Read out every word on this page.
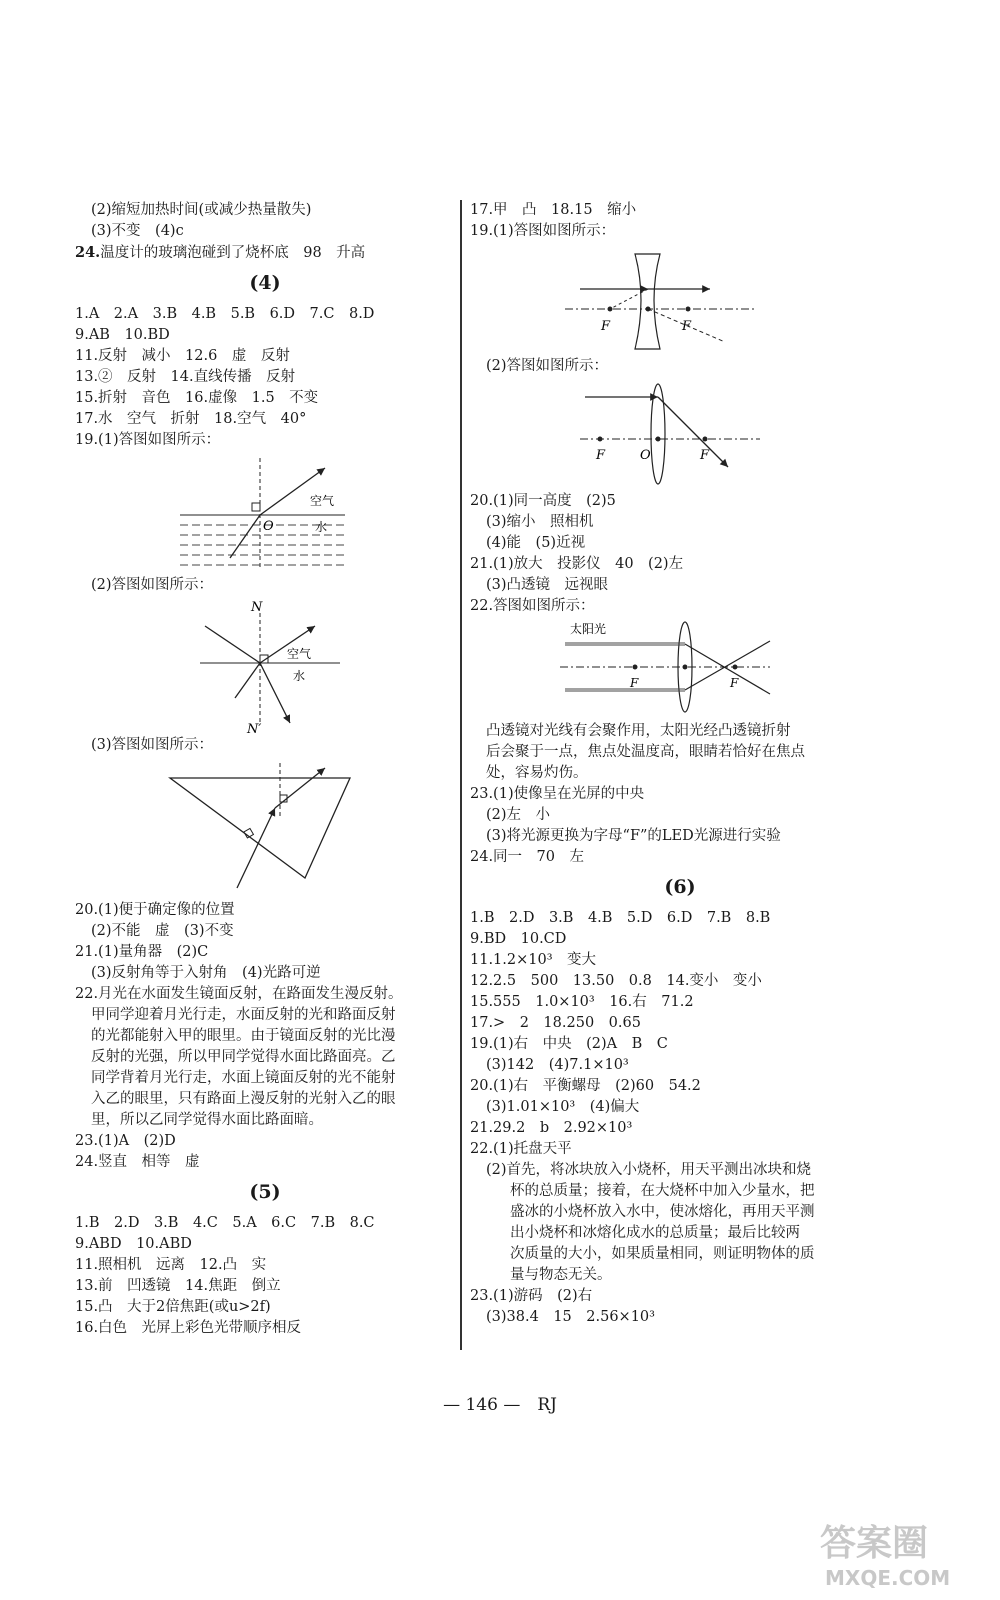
(2)缩短加热时间(或减少热量散失)
(3)不变　(4)c
24.温度计的玻璃泡碰到了烧杯底　98　升高
(4)
1.A　2.A　3.B　4.B　5.B　6.D　7.C　8.D
9.AB　10.BD
11.反射　减小　12.6　虚　反射
13.②　反射　14.直线传播　反射
15.折射　音色　16.虚像　1.5　不变
17.水　空气　折射　18.空气　40°
19.(1)答图如图所示：
O
空气
水
(2)答图如图所示：
N
N′
空气
水
(3)答图如图所示：
20.(1)便于确定像的位置
(2)不能　虚　(3)不变
21.(1)量角器　(2)C
(3)反射角等于入射角　(4)光路可逆
22.月光在水面发生镜面反射，在路面发生漫反射。
甲同学迎着月光行走，水面反射的光和路面反射
的光都能射入甲的眼里。由于镜面反射的光比漫
反射的光强，所以甲同学觉得水面比路面亮。乙
同学背着月光行走，水面上镜面反射的光不能射
入乙的眼里，只有路面上漫反射的光射入乙的眼
里，所以乙同学觉得水面比路面暗。
23.(1)A　(2)D
24.竖直　相等　虚
(5)
1.B　2.D　3.B　4.C　5.A　6.C　7.B　8.C
9.ABD　10.ABD
11.照相机　远离　12.凸　实
13.前　凹透镜　14.焦距　倒立
15.凸　大于2倍焦距(或u>2f)
16.白色　光屏上彩色光带顺序相反
17.甲　凸　18.15　缩小
19.(1)答图如图所示：
F	F
(2)答图如图所示：
F	O	F
20.(1)同一高度　(2)5
(3)缩小　照相机
(4)能　(5)近视
21.(1)放大　投影仪　40　(2)左
(3)凸透镜　远视眼
22.答图如图所示：
太阳光
F	F
凸透镜对光线有会聚作用，太阳光经凸透镜折射
后会聚于一点，焦点处温度高，眼睛若恰好在焦点
处，容易灼伤。
23.(1)使像呈在光屏的中央
(2)左　小
(3)将光源更换为字母“F”的LED光源进行实验
24.同一　70　左
(6)
1.B　2.D　3.B　4.B　5.D　6.D　7.B　8.B
9.BD　10.CD
11.1.2×10³　变大
12.2.5　500　13.50　0.8　14.变小　变小
15.555　1.0×10³　16.右　71.2
17.>　2　18.250　0.65
19.(1)右　中央　(2)A　B　C
(3)142　(4)7.1×10³
20.(1)右　平衡螺母　(2)60　54.2
(3)1.01×10³　(4)偏大
21.29.2　b　2.92×10³
22.(1)托盘天平
(2)首先，将冰块放入小烧杯，用天平测出冰块和烧
杯的总质量；接着，在大烧杯中加入少量水，把
盛冰的小烧杯放入水中，使冰熔化，再用天平测
出小烧杯和冰熔化成水的总质量；最后比较两
次质量的大小，如果质量相同，则证明物体的质
量与物态无关。
23.(1)游码　(2)右
(3)38.4　15　2.56×10³
— 146 —　RJ
答案圈
MXQE.COM
